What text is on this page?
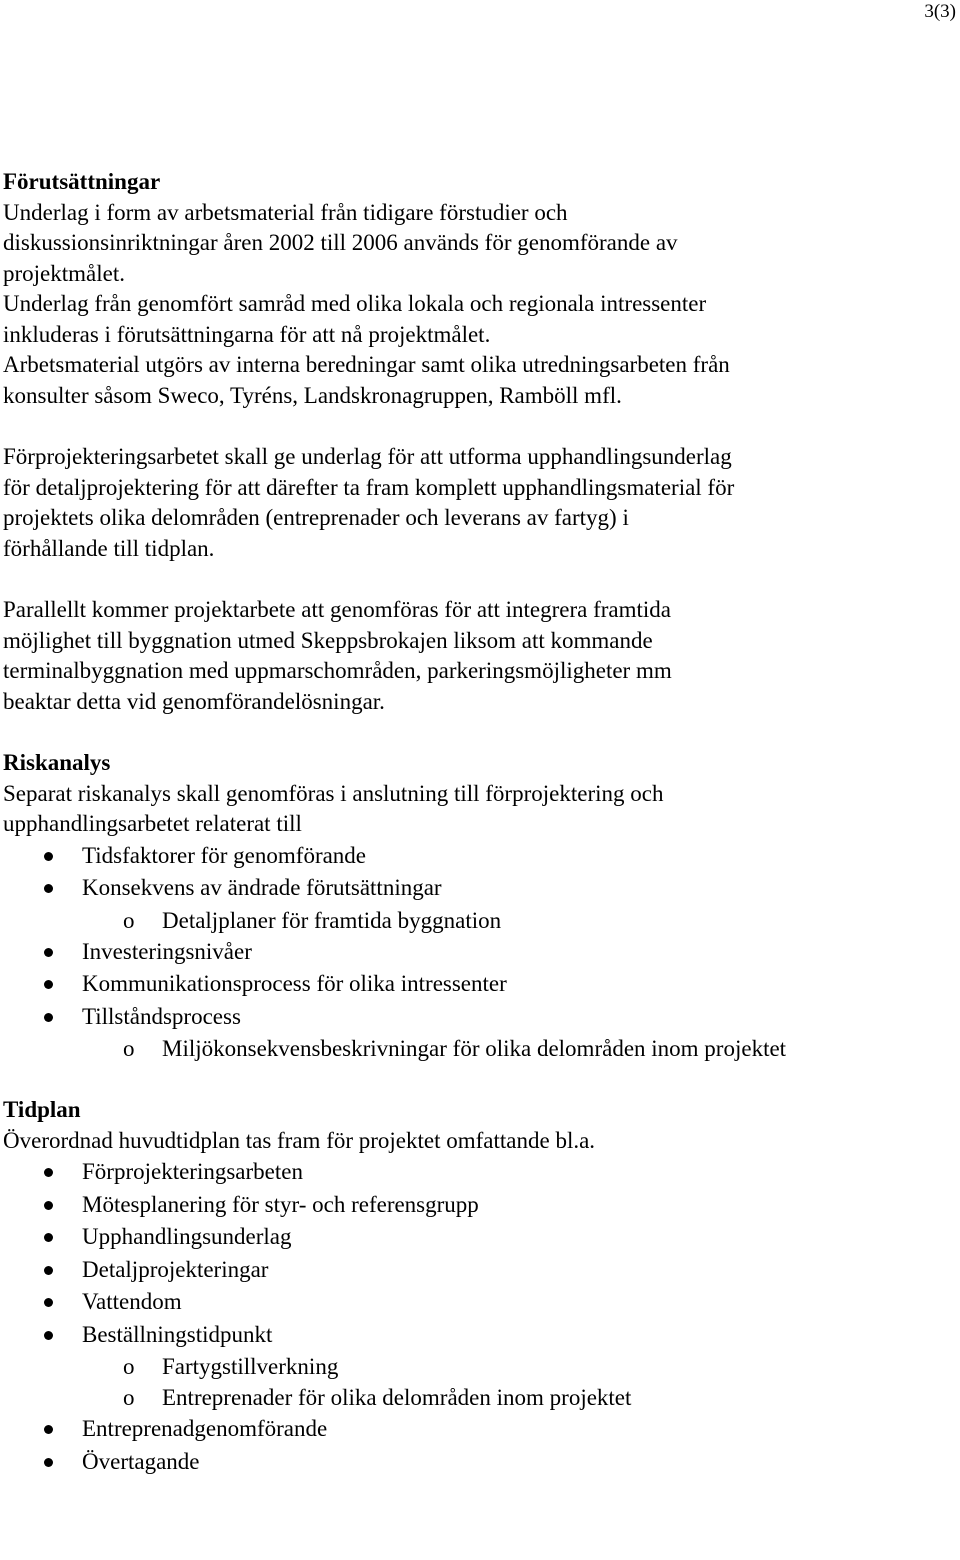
3(3)
Förutsättningar
Underlag i form av arbetsmaterial från tidigare förstudier och
diskussionsinriktningar åren 2002 till 2006 används för genomförande av
projektmålet.
Underlag från genomfört samråd med olika lokala och regionala intressenter
inkluderas i förutsättningarna för att nå projektmålet.
Arbetsmaterial utgörs av interna beredningar samt olika utredningsarbeten från
konsulter såsom Sweco, Tyréns, Landskronagruppen, Ramböll mfl.
Förprojekteringsarbetet skall ge underlag för att utforma upphandlingsunderlag
för detaljprojektering för att därefter ta fram komplett upphandlingsmaterial för
projektets olika delområden (entreprenader och leverans av fartyg) i
förhållande till tidplan.
Parallellt kommer projektarbete att genomföras för att integrera framtida
möjlighet till byggnation utmed Skeppsbrokajen liksom att kommande
terminalbyggnation med uppmarschområden, parkeringsmöjligheter mm
beaktar detta vid genomförandelösningar.
Riskanalys
Separat riskanalys skall genomföras i anslutning till förprojektering och
upphandlingsarbetet relaterat till
Tidsfaktorer för genomförande
Konsekvens av ändrade förutsättningar
o Detaljplaner för framtida byggnation
Investeringsnivåer
Kommunikationsprocess för olika intressenter
Tillståndsprocess
o Miljökonsekvensbeskrivningar för olika delområden inom projektet
Tidplan
Överordnad huvudtidplan tas fram för projektet omfattande bl.a.
Förprojekteringsarbeten
Mötesplanering för styr- och referensgrupp
Upphandlingsunderlag
Detaljprojekteringar
Vattendom
Beställningstidpunkt
o Fartygstillverkning
o Entreprenader för olika delområden inom projektet
Entreprenadgenomförande
Övertagande
